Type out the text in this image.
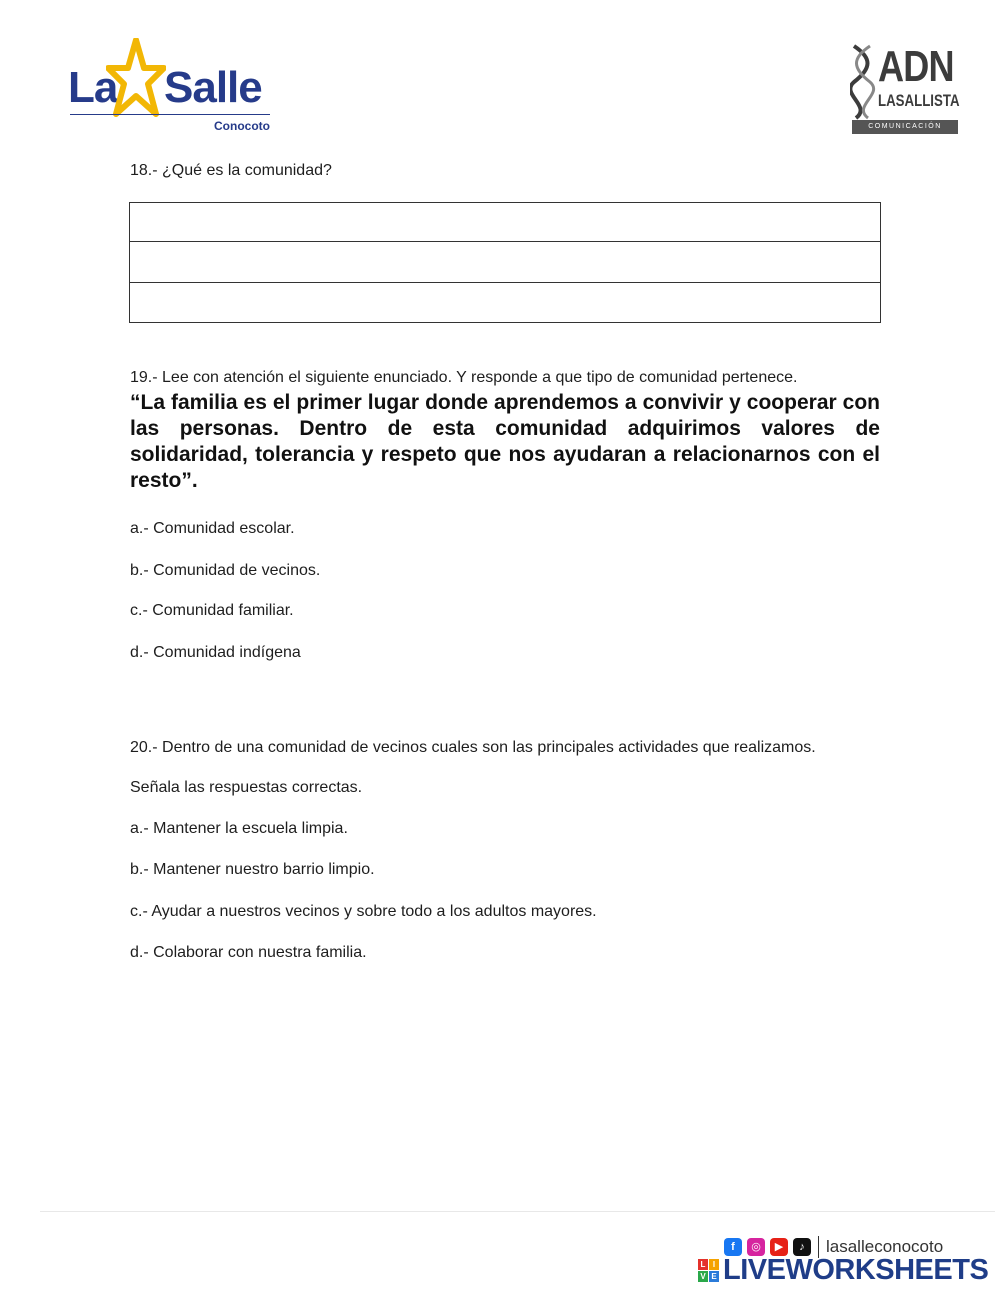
La Salle
Conocoto
ADN
LASALLISTA
COMUNICACIÓN
18.- ¿Qué es la comunidad?
19.- Lee con atención el siguiente enunciado. Y responde a que tipo de comunidad pertenece.
“La familia es el primer lugar donde aprendemos a convivir y cooperar con las personas. Dentro de esta comunidad adquirimos valores de solidaridad, tolerancia y respeto que nos ayudaran a relacionarnos con el resto”.
a.- Comunidad escolar.
b.- Comunidad de vecinos.
c.- Comunidad familiar.
d.- Comunidad indígena
20.- Dentro de una comunidad de vecinos cuales son las principales actividades que realizamos.
Señala las respuestas correctas.
a.- Mantener la escuela limpia.
b.- Mantener nuestro barrio limpio.
c.- Ayudar a nuestros vecinos y sobre todo a los adultos mayores.
d.- Colaborar con nuestra familia.
f	◎	▶	♪	lasalleconocoto
L I
V E LIVEWORKSHEETS
